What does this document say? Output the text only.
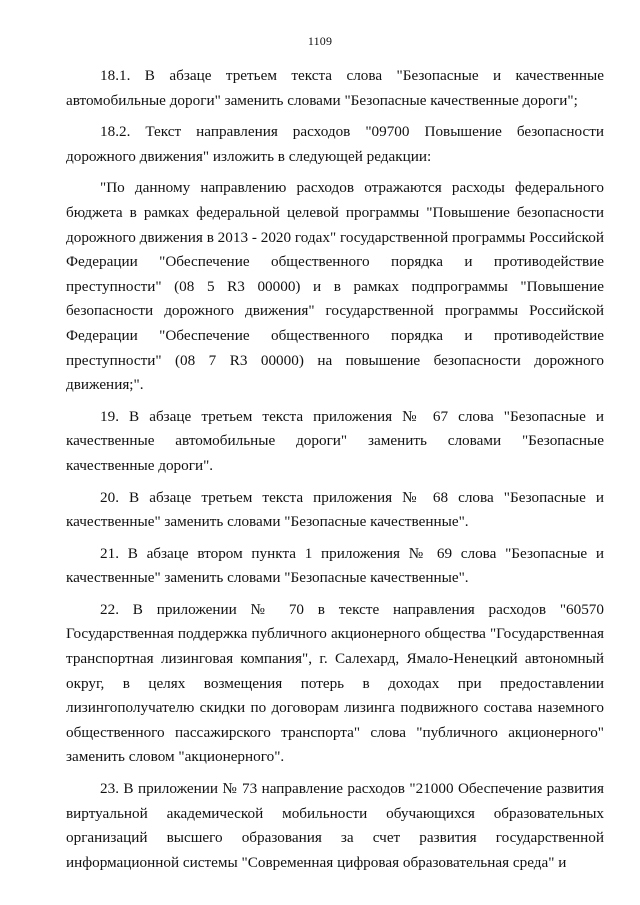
1109

18.1. В абзаце третьем текста слова "Безопасные и качественные автомобильные дороги" заменить словами "Безопасные качественные дороги";

18.2. Текст направления расходов "09700 Повышение безопасности дорожного движения" изложить в следующей редакции:

"По данному направлению расходов отражаются расходы федерального бюджета в рамках федеральной целевой программы "Повышение безопасности дорожного движения в 2013 - 2020 годах" государственной программы Российской Федерации "Обеспечение общественного порядка и противодействие преступности" (08 5 R3 00000) и в рамках подпрограммы "Повышение безопасности дорожного движения" государственной программы Российской Федерации "Обеспечение общественного порядка и противодействие преступности" (08 7 R3 00000) на повышение безопасности дорожного движения;".

19. В абзаце третьем текста приложения № 67 слова "Безопасные и качественные автомобильные дороги" заменить словами "Безопасные качественные дороги".

20. В абзаце третьем текста приложения № 68 слова "Безопасные и качественные" заменить словами "Безопасные качественные".

21. В абзаце втором пункта 1 приложения № 69 слова "Безопасные и качественные" заменить словами "Безопасные качественные".

22. В приложении № 70 в тексте направления расходов "60570 Государственная поддержка публичного акционерного общества "Государственная транспортная лизинговая компания", г. Салехард, Ямало-Ненецкий автономный округ, в целях возмещения потерь в доходах при предоставлении лизингополучателю скидки по договорам лизинга подвижного состава наземного общественного пассажирского транспорта" слова "публичного акционерного" заменить словом "акционерного".

23. В приложении № 73 направление расходов "21000 Обеспечение развития виртуальной академической мобильности обучающихся образовательных организаций высшего образования за счет развития государственной информационной системы "Современная цифровая образовательная среда" и
